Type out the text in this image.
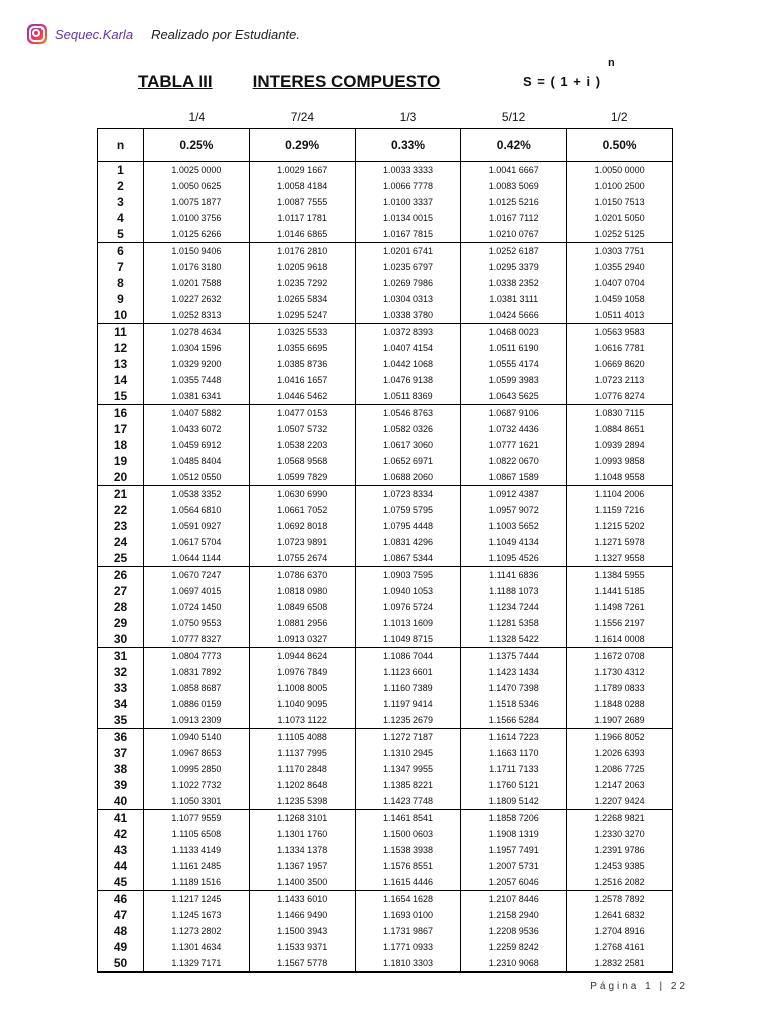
Sequec.Karla Realizado por Estudiante.
TABLA III INTERES COMPUESTO
n
S = ( 1 + i )
1/4	7/24	1/3	5/12	1/2
n	0.25%	0.29%	0.33%	0.42%	0.50%
1	1.0025 0000	1.0029 1667	1.0033 3333	1.0041 6667	1.0050 0000
2	1.0050 0625	1.0058 4184	1.0066 7778	1.0083 5069	1.0100 2500
3	1.0075 1877	1.0087 7555	1.0100 3337	1.0125 5216	1.0150 7513
4	1.0100 3756	1.0117 1781	1.0134 0015	1.0167 7112	1.0201 5050
5	1.0125 6266	1.0146 6865	1.0167 7815	1.0210 0767	1.0252 5125
6	1.0150 9406	1.0176 2810	1.0201 6741	1.0252 6187	1.0303 7751
7	1.0176 3180	1.0205 9618	1.0235 6797	1.0295 3379	1.0355 2940
8	1.0201 7588	1.0235 7292	1.0269 7986	1.0338 2352	1.0407 0704
9	1.0227 2632	1.0265 5834	1.0304 0313	1.0381 3111	1.0459 1058
10	1.0252 8313	1.0295 5247	1.0338 3780	1.0424 5666	1.0511 4013
11	1.0278 4634	1.0325 5533	1.0372 8393	1.0468 0023	1.0563 9583
12	1.0304 1596	1.0355 6695	1.0407 4154	1.0511 6190	1.0616 7781
13	1.0329 9200	1.0385 8736	1.0442 1068	1.0555 4174	1.0669 8620
14	1.0355 7448	1.0416 1657	1.0476 9138	1.0599 3983	1.0723 2113
15	1.0381 6341	1.0446 5462	1.0511 8369	1.0643 5625	1.0776 8274
16	1.0407 5882	1.0477 0153	1.0546 8763	1.0687 9106	1.0830 7115
17	1.0433 6072	1.0507 5732	1.0582 0326	1.0732 4436	1.0884 8651
18	1.0459 6912	1.0538 2203	1.0617 3060	1.0777 1621	1.0939 2894
19	1.0485 8404	1.0568 9568	1.0652 6971	1.0822 0670	1.0993 9858
20	1.0512 0550	1.0599 7829	1.0688 2060	1.0867 1589	1.1048 9558
21	1.0538 3352	1.0630 6990	1.0723 8334	1.0912 4387	1.1104 2006
22	1.0564 6810	1.0661 7052	1.0759 5795	1.0957 9072	1.1159 7216
23	1.0591 0927	1.0692 8018	1.0795 4448	1.1003 5652	1.1215 5202
24	1.0617 5704	1.0723 9891	1.0831 4296	1.1049 4134	1.1271 5978
25	1.0644 1144	1.0755 2674	1.0867 5344	1.1095 4526	1.1327 9558
26	1.0670 7247	1.0786 6370	1.0903 7595	1.1141 6836	1.1384 5955
27	1.0697 4015	1.0818 0980	1.0940 1053	1.1188 1073	1.1441 5185
28	1.0724 1450	1.0849 6508	1.0976 5724	1.1234 7244	1.1498 7261
29	1.0750 9553	1.0881 2956	1.1013 1609	1.1281 5358	1.1556 2197
30	1.0777 8327	1.0913 0327	1.1049 8715	1.1328 5422	1.1614 0008
31	1.0804 7773	1.0944 8624	1.1086 7044	1.1375 7444	1.1672 0708
32	1.0831 7892	1.0976 7849	1.1123 6601	1.1423 1434	1.1730 4312
33	1.0858 8687	1.1008 8005	1.1160 7389	1.1470 7398	1.1789 0833
34	1.0886 0159	1.1040 9095	1.1197 9414	1.1518 5346	1.1848 0288
35	1.0913 2309	1.1073 1122	1.1235 2679	1.1566 5284	1.1907 2689
36	1.0940 5140	1.1105 4088	1.1272 7187	1.1614 7223	1.1966 8052
37	1.0967 8653	1.1137 7995	1.1310 2945	1.1663 1170	1.2026 6393
38	1.0995 2850	1.1170 2848	1.1347 9955	1.1711 7133	1.2086 7725
39	1.1022 7732	1.1202 8648	1.1385 8221	1.1760 5121	1.2147 2063
40	1.1050 3301	1.1235 5398	1.1423 7748	1.1809 5142	1.2207 9424
41	1.1077 9559	1.1268 3101	1.1461 8541	1.1858 7206	1.2268 9821
42	1.1105 6508	1.1301 1760	1.1500 0603	1.1908 1319	1.2330 3270
43	1.1133 4149	1.1334 1378	1.1538 3938	1.1957 7491	1.2391 9786
44	1.1161 2485	1.1367 1957	1.1576 8551	1.2007 5731	1.2453 9385
45	1.1189 1516	1.1400 3500	1.1615 4446	1.2057 6046	1.2516 2082
46	1.1217 1245	1.1433 6010	1.1654 1628	1.2107 8446	1.2578 7892
47	1.1245 1673	1.1466 9490	1.1693 0100	1.2158 2940	1.2641 6832
48	1.1273 2802	1.1500 3943	1.1731 9867	1.2208 9536	1.2704 8916
49	1.1301 4634	1.1533 9371	1.1771 0933	1.2259 8242	1.2768 4161
50	1.1329 7171	1.1567 5778	1.1810 3303	1.2310 9068	1.2832 2581
Página 1 | 22
